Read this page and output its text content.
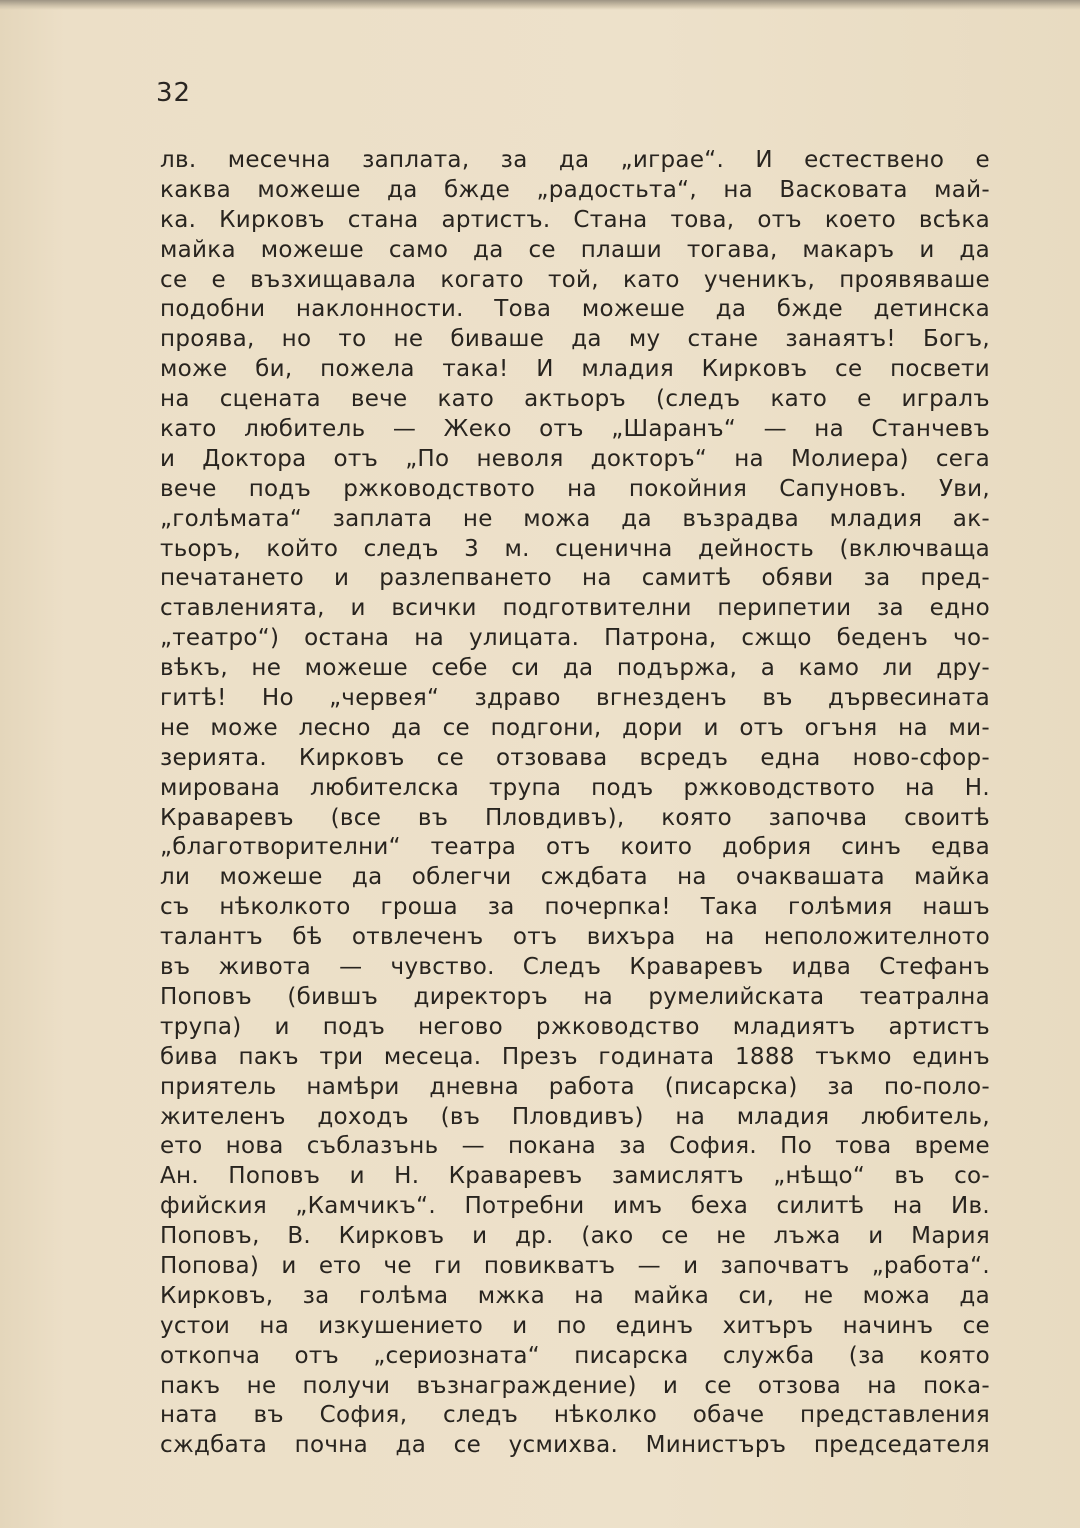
32
лв. месечна заплата, за да „играе“. И естествено е
каква можеше да бжде „радостьта“, на Васковата май-
ка. Кирковъ стана артистъ. Стана това, отъ което всѣка
майка можеше само да се плаши тогава, макаръ и да
се е възхищавала когато той, като ученикъ, проявяваше
подобни наклонности. Това можеше да бжде детинска
проява, но то не биваше да му стане занаятъ! Богъ,
може би, пожела така! И младия Кирковъ се посвети
на сцената вече като актьоръ (следъ като е игралъ
като любитель — Жеко отъ „Шаранъ“ — на Станчевъ
и Доктора отъ „По неволя докторъ“ на Молиера) сега
вече подъ ржководството на покойния Сапуновъ. Уви,
„голѣмата“ заплата не можа да възрадва младия ак-
тьоръ, който следъ 3 м. сценична дейность (включваща
печатането и разлепването на самитѣ обяви за пред-
ставленията, и всички подготвителни перипетии за едно
„театро“) остана на улицата. Патрона, сжщо беденъ чо-
вѣкъ, не можеше себе си да подържа, а камо ли дру-
гитѣ! Но „червея“ здраво вгнезденъ въ дървесината
не може лесно да се подгони, дори и отъ огъня на ми-
зерията. Кирковъ се отзовава всредъ една ново-сфор-
мирована любителска трупа подъ ржководството на Н.
Краваревъ (все въ Пловдивъ), която започва своитѣ
„благотворителни“ театра отъ които добрия синъ едва
ли можеше да облегчи сждбата на очаквашата майка
съ нѣколкото гроша за почерпка! Така голѣмия нашъ
талантъ бѣ отвлеченъ отъ вихъра на неположителното
въ живота — чувство. Следъ Краваревъ идва Стефанъ
Поповъ (бившъ директоръ на румелийската театрална
трупа) и подъ негово ржководство младиятъ артистъ
бива пакъ три месеца. Презъ годината 1888 тъкмо единъ
приятель намѣри дневна работа (писарска) за по-поло-
жителенъ доходъ (въ Пловдивъ) на младия любитель,
ето нова съблазънь — покана за София. По това време
Ан. Поповъ и Н. Краваревъ замислятъ „нѣщо“ въ со-
фийския „Камчикъ“. Потребни имъ беха силитѣ на Ив.
Поповъ, В. Кирковъ и др. (ако се не лъжа и Мария
Попова) и ето че ги повикватъ — и започватъ „работа“.
Кирковъ, за голѣма мжка на майка си, не можа да
устои на изкушението и по единъ хитъръ начинъ се
откопча отъ „сериозната“ писарска служба (за която
пакъ не получи възнаграждение) и се отзова на пока-
ната въ София, следъ нѣколко обаче представления
сждбата почна да се усмихва. Министъръ председателя
